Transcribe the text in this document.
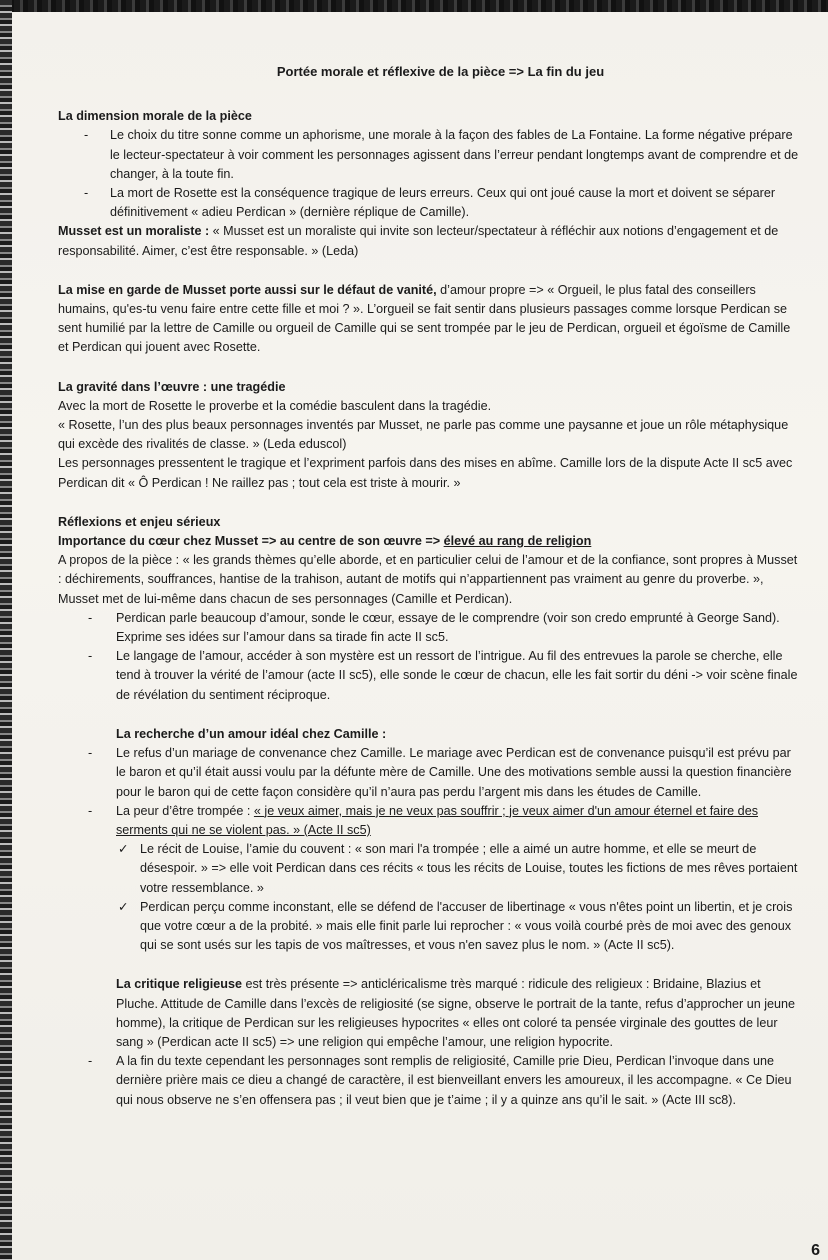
Portée morale et réflexive de la pièce => La fin du jeu

La dimension morale de la pièce

- Le choix du titre sonne comme un aphorisme, une morale à la façon des fables de La Fontaine. La forme négative prépare le lecteur-spectateur à voir comment les personnages agissent dans l’erreur pendant longtemps avant de comprendre et de changer, à la toute fin.
- La mort de Rosette est la conséquence tragique de leurs erreurs. Ceux qui ont joué cause la mort et doivent se séparer définitivement « adieu Perdican » (dernière réplique de Camille).

Musset est un moraliste : « Musset est un moraliste qui invite son lecteur/spectateur à réfléchir aux notions d’engagement et de responsabilité. Aimer, c’est être responsable. » (Leda)

La mise en garde de Musset porte aussi sur le défaut de vanité, d’amour propre => « Orgueil, le plus fatal des conseillers humains, qu'es-tu venu faire entre cette fille et moi ? ». L’orgueil se fait sentir dans plusieurs passages comme lorsque Perdican se sent humilié par la lettre de Camille ou orgueil de Camille qui se sent trompée par le jeu de Perdican, orgueil et égoïsme de Camille et Perdican qui jouent avec Rosette.

La gravité dans l’œuvre : une tragédie

Avec la mort de Rosette le proverbe et la comédie basculent dans la tragédie.

« Rosette, l’un des plus beaux personnages inventés par Musset, ne parle pas comme une paysanne et joue un rôle métaphysique qui excède des rivalités de classe. » (Leda eduscol)

Les personnages pressentent le tragique et l’expriment parfois dans des mises en abîme. Camille lors de la dispute Acte II sc5 avec Perdican dit « Ô Perdican ! Ne raillez pas ; tout cela est triste à mourir. »

Réflexions et enjeu sérieux

Importance du cœur chez Musset => au centre de son œuvre => élevé au rang de religion

A propos de la pièce : « les grands thèmes qu’elle aborde, et en particulier celui de l’amour et de la confiance, sont propres à Musset : déchirements, souffrances, hantise de la trahison, autant de motifs qui n’appartiennent pas vraiment au genre du proverbe. », Musset met de lui-même dans chacun de ses personnages (Camille et Perdican).

- Perdican parle beaucoup d’amour, sonde le cœur, essaye de le comprendre (voir son credo emprunté à George Sand). Exprime ses idées sur l’amour dans sa tirade fin acte II sc5.
- Le langage de l’amour, accéder à son mystère est un ressort de l’intrigue. Au fil des entrevues la parole se cherche, elle tend à trouver la vérité de l’amour (acte II sc5), elle sonde le cœur de chacun, elle les fait sortir du déni -> voir scène finale de révélation du sentiment réciproque.

La recherche d’un amour idéal chez Camille :

- Le refus d’un mariage de convenance chez Camille. Le mariage avec Perdican est de convenance puisqu’il est prévu par le baron et qu’il était aussi voulu par la défunte mère de Camille. Une des motivations semble aussi la question financière pour le baron qui de cette façon considère qu’il n’aura pas perdu l’argent mis dans les études de Camille.
- La peur d’être trompée : « je veux aimer, mais je ne veux pas souffrir ; je veux aimer d'un amour éternel et faire des serments qui ne se violent pas. » (Acte II sc5)
✓ Le récit de Louise, l’amie du couvent : « son mari l'a trompée ; elle a aimé un autre homme, et elle se meurt de désespoir. » => elle voit Perdican dans ces récits « tous les récits de Louise, toutes les fictions de mes rêves portaient votre ressemblance. »
✓ Perdican perçu comme inconstant, elle se défend de l'accuser de libertinage « vous n'êtes point un libertin, et je crois que votre cœur a de la probité. » mais elle finit parle lui reprocher : « vous voilà courbé près de moi avec des genoux qui se sont usés sur les tapis de vos maîtresses, et vous n'en savez plus le nom. » (Acte II sc5).

La critique religieuse est très présente => anticléricalisme très marqué : ridicule des religieux : Bridaine, Blazius et Pluche. Attitude de Camille dans l’excès de religiosité (se signe, observe le portrait de la tante, refus d’approcher un jeune homme), la critique de Perdican sur les religieuses hypocrites « elles ont coloré ta pensée virginale des gouttes de leur sang » (Perdican acte II sc5) => une religion qui empêche l’amour, une religion hypocrite.

- A la fin du texte cependant les personnages sont remplis de religiosité, Camille prie Dieu, Perdican l’invoque dans une dernière prière mais ce dieu a changé de caractère, il est bienveillant envers les amoureux, il les accompagne. « Ce Dieu qui nous observe ne s’en offensera pas ; il veut bien que je t’aime ; il y a quinze ans qu’il le sait. » (Acte III sc8).
6
